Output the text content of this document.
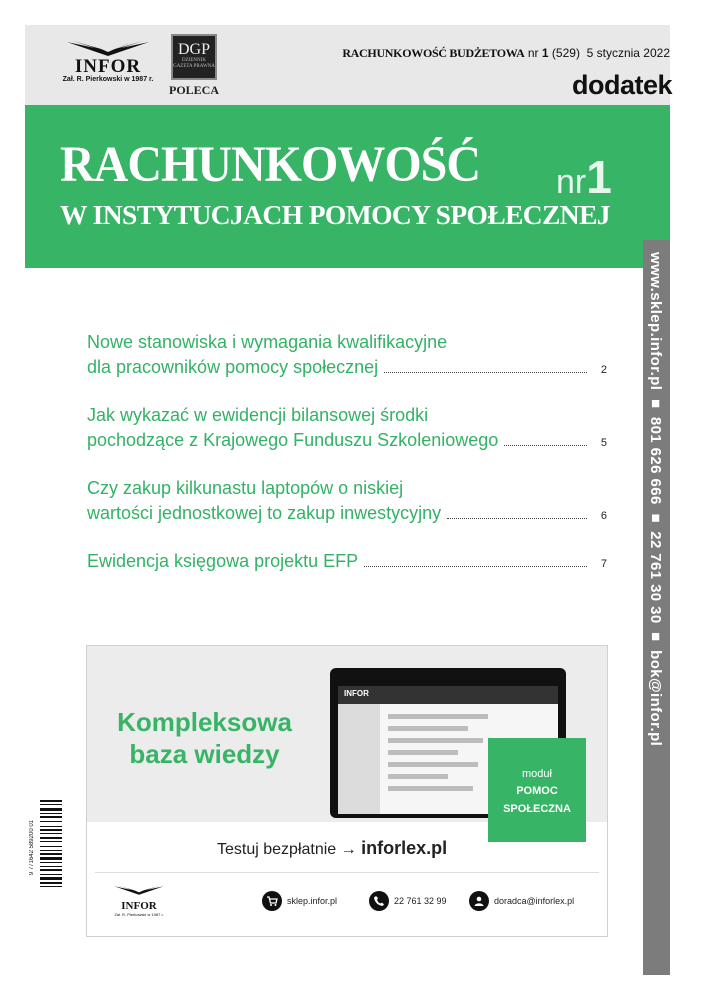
INFOR
Zał. R. Pierkowski w 1987 r.
DGP
DZIENNIK GAZETA PRAWNA
POLECA
RACHUNKOWOŚĆ BUDŻETOWA nr 1 (529) 5 stycznia 2022
dodatek
RACHUNKOWOŚĆ
W INSTYTUCJACH POMOCY SPOŁECZNEJ
nr1
www.sklep.infor.pl ■ 801 626 666 ■ 22 761 30 30 ■ bok@infor.pl
Nowe stanowiska i wymagania kwalifikacyjne
dla pracowników pomocy społecznej	2
Jak wykazać w ewidencji bilansowej środki
pochodzące z Krajowego Funduszu Szkoleniowego	5
Czy zakup kilkunastu laptopów o niskiej
wartości jednostkowej to zakup inwestycyjny	6
Ewidencja księgowa projektu EFP	7
Kompleksowa
baza wiedzy
INFOR
moduł
POMOC
SPOŁECZNA
Testuj bezpłatnie → inforlex.pl
INFOR
Zał. R. Pierkowski w 1987 r.
sklep.infor.pl	22 761 32 99	doradca@inforlex.pl
9 771642 589200 01
